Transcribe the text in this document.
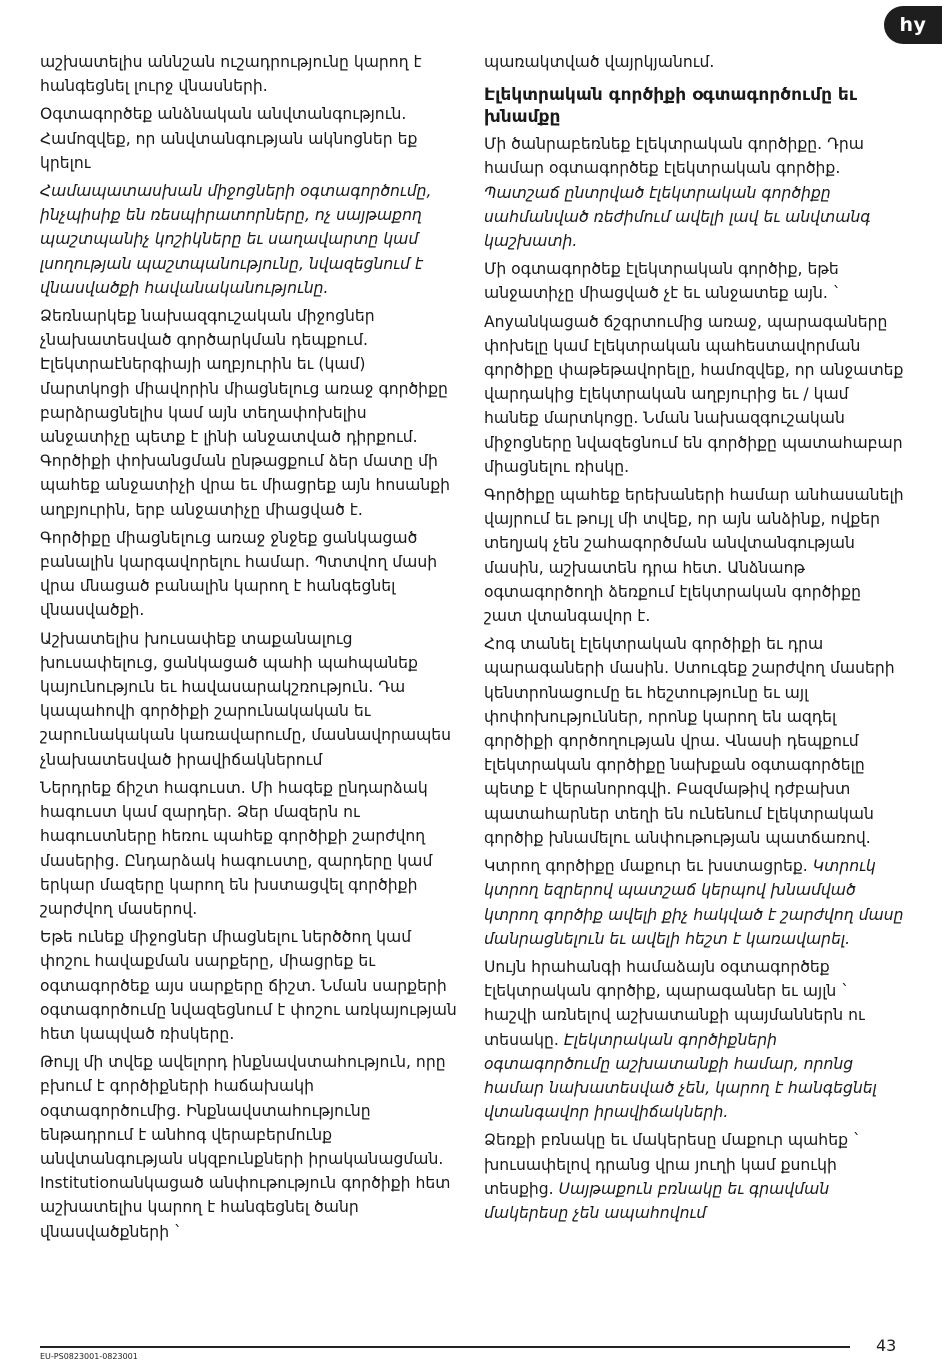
hy

աշխատելիս աննշան ուշադրությունը կարող է հանգեցնել լուրջ վնասների.

Օգտագործեք անձնական անվտանգություն. Համոզվեք, որ անվտանգության ակնոցներ եք կրելու

Համապատասխան միջոցների օգտագործումը, ինչպիսիք են ռեսպիրատորները, ոչ սայթաքող պաշտպանիչ կոշիկները եւ սաղավարտը կամ լսողության պաշտպանությունը, նվազեցնում է վնասվածքի հավանականությունը.

Ձեռնարկեք նախազգուշական միջոցներ չնախատեսված գործարկման դեպքում. Էլեկտրաէներգիայի աղբյուրին եւ (կամ) մարտկոցի միավորին միացնելուց առաջ գործիքը բարձրացնելիս կամ այն տեղափոխելիս անջատիչը պետք է լինի անջատված դիրքում. Գործիքի փոխանցման ընթացքում ձեր մատը մի պահեք անջատիչի վրա եւ միացրեք այն հոսանքի աղբյուրին, երբ անջատիչը միացված է.

Գործիքը միացնելուց առաջ ջնջեք ցանկացած բանալին կարգավորելու համար. Պտտվող մասի վրա մնացած բանալին կարող է հանգեցնել վնասվածքի.

Աշխատելիս խուսափեք տաքանալուց խուսափելուց, ցանկացած պահի պահպանեք կայունություն եւ հավասարակշռություն. Դա կապահովի գործիքի շարունակական եւ շարունակական կառավարումը, մասնավորապես չնախատեսված իրավիճակներում

Ներդրեք ճիշտ հագուստ. Մի հագեք ընդարձակ հագուստ կամ զարդեր. Ձեր մազերն ու հագուստները հեռու պահեք գործիքի շարժվող մասերից. Ընդարձակ հագուստը, զարդերը կամ երկար մազերը կարող են խստացվել գործիքի շարժվող մասերով.

Եթե ունեք միջոցներ միացնելու ներծծող կամ փոշու հավաքման սարքերը, միացրեք եւ օգտագործեք այս սարքերը ճիշտ. Նման սարքերի օգտագործումը նվազեցնում է փոշու առկայության հետ կապված ռիսկերը.

Թույլ մի տվեք ավելորդ ինքնավստահություն, որը բխում է գործիքների հաճախակի օգտագործումից. Ինքնավստահությունը ենթադրում է անհոգ վերաբերմունք անվտանգության սկզբունքների իրականացման. Institutionանկացած անփութություն գործիքի հետ աշխատելիս կարող է հանգեցնել ծանր վնասվածքների `

պառակտված վայրկյանում.

Էլեկտրական գործիքի օգտագործումը եւ խնամքը

Մի ծանրաբեռնեք էլեկտրական գործիքը. Դրա համար օգտագործեք էլեկտրական գործիք. Պատշաճ ընտրված էլեկտրական գործիքը սահմանված ռեժիմում ավելի լավ եւ անվտանգ կաշխատի.

Մի օգտագործեք էլեկտրական գործիք, եթե անջատիչը միացված չէ եւ անջատեք այն. `

Anyանկացած ճշգրտումից առաջ, պարագաները փոխելը կամ էլեկտրական պահեստավորման գործիքը փաթեթավորելը, համոզվեք, որ անջատեք վարդակից էլեկտրական աղբյուրից եւ / կամ հանեք մարտկոցը. Նման նախազգուշական միջոցները նվազեցնում են գործիքը պատահաբար միացնելու ռիսկը.

Գործիքը պահեք երեխաների համար անհասանելի վայրում եւ թույլ մի տվեք, որ այն անձինք, ովքեր տեղյակ չեն շահագործման անվտանգության մասին, աշխատեն դրա հետ. Անձնաոթ օգտագործողի ձեռքում էլեկտրական գործիքը շատ վտանգավոր է.

Հոգ տանել էլեկտրական գործիքի եւ դրա պարագաների մասին. Ստուգեք շարժվող մասերի կենտրոնացումը եւ հեշտությունը եւ այլ փոփոխություններ, որոնք կարող են ազդել գործիքի գործողության վրա. Վնասի դեպքում էլեկտրական գործիքը նախքան օգտագործելը պետք է վերանորոգվի. Բազմաթիվ դժբախտ պատահարներ տեղի են ունենում էլեկտրական գործիք խնամելու անփութության պատճառով.

Կտրող գործիքը մաքուր եւ խստացրեք. Կտրուկ կտրող եզրերով պատշաճ կերպով խնամված կտրող գործիք ավելի քիչ հակված է շարժվող մասը մանրացնելուն եւ ավելի հեշտ է կառավարել.

Սույն հրահանգի համաձայն օգտագործեք էլեկտրական գործիք, պարագաներ եւ այլն ` հաշվի առնելով աշխատանքի պայմաններն ու տեսակը. Էլեկտրական գործիքների օգտագործումը աշխատանքի համար, որոնց համար նախատեսված չեն, կարող է հանգեցնել վտանգավոր իրավիճակների.

Ձեռքի բռնակը եւ մակերեսը մաքուր պահեք ` խուսափելով դրանց վրա յուղի կամ քսուկի տեսքից. Սայթաքուն բռնակը եւ գրավման մակերեսը չեն ապահովում

EU-PS0823001-0823001
43
